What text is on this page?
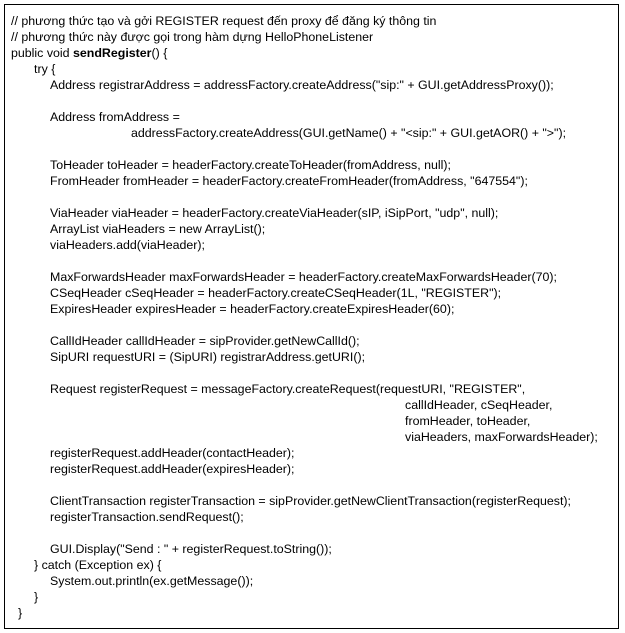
// phương thức tạo và gởi REGISTER request đến proxy để đăng ký thông tin
// phương thức này được gọi trong hàm dựng HelloPhoneListener
public void sendRegister() {
try {
Address registrarAddress = addressFactory.createAddress("sip:" + GUI.getAddressProxy());
Address fromAddress =
addressFactory.createAddress(GUI.getName() + "<sip:" + GUI.getAOR() + ">");
ToHeader toHeader = headerFactory.createToHeader(fromAddress, null);
FromHeader fromHeader = headerFactory.createFromHeader(fromAddress, "647554");
ViaHeader viaHeader = headerFactory.createViaHeader(sIP, iSipPort, "udp", null);
ArrayList viaHeaders = new ArrayList();
viaHeaders.add(viaHeader);
MaxForwardsHeader maxForwardsHeader = headerFactory.createMaxForwardsHeader(70);
CSeqHeader cSeqHeader = headerFactory.createCSeqHeader(1L, "REGISTER");
ExpiresHeader expiresHeader = headerFactory.createExpiresHeader(60);
CallIdHeader callIdHeader = sipProvider.getNewCallId();
SipURI requestURI = (SipURI) registrarAddress.getURI();
Request registerRequest = messageFactory.createRequest(requestURI, "REGISTER",
callIdHeader, cSeqHeader,
fromHeader, toHeader,
viaHeaders, maxForwardsHeader);
registerRequest.addHeader(contactHeader);
registerRequest.addHeader(expiresHeader);
ClientTransaction registerTransaction = sipProvider.getNewClientTransaction(registerRequest);
registerTransaction.sendRequest();
GUI.Display("Send : " + registerRequest.toString());
} catch (Exception ex) {
System.out.println(ex.getMessage());
}
}
